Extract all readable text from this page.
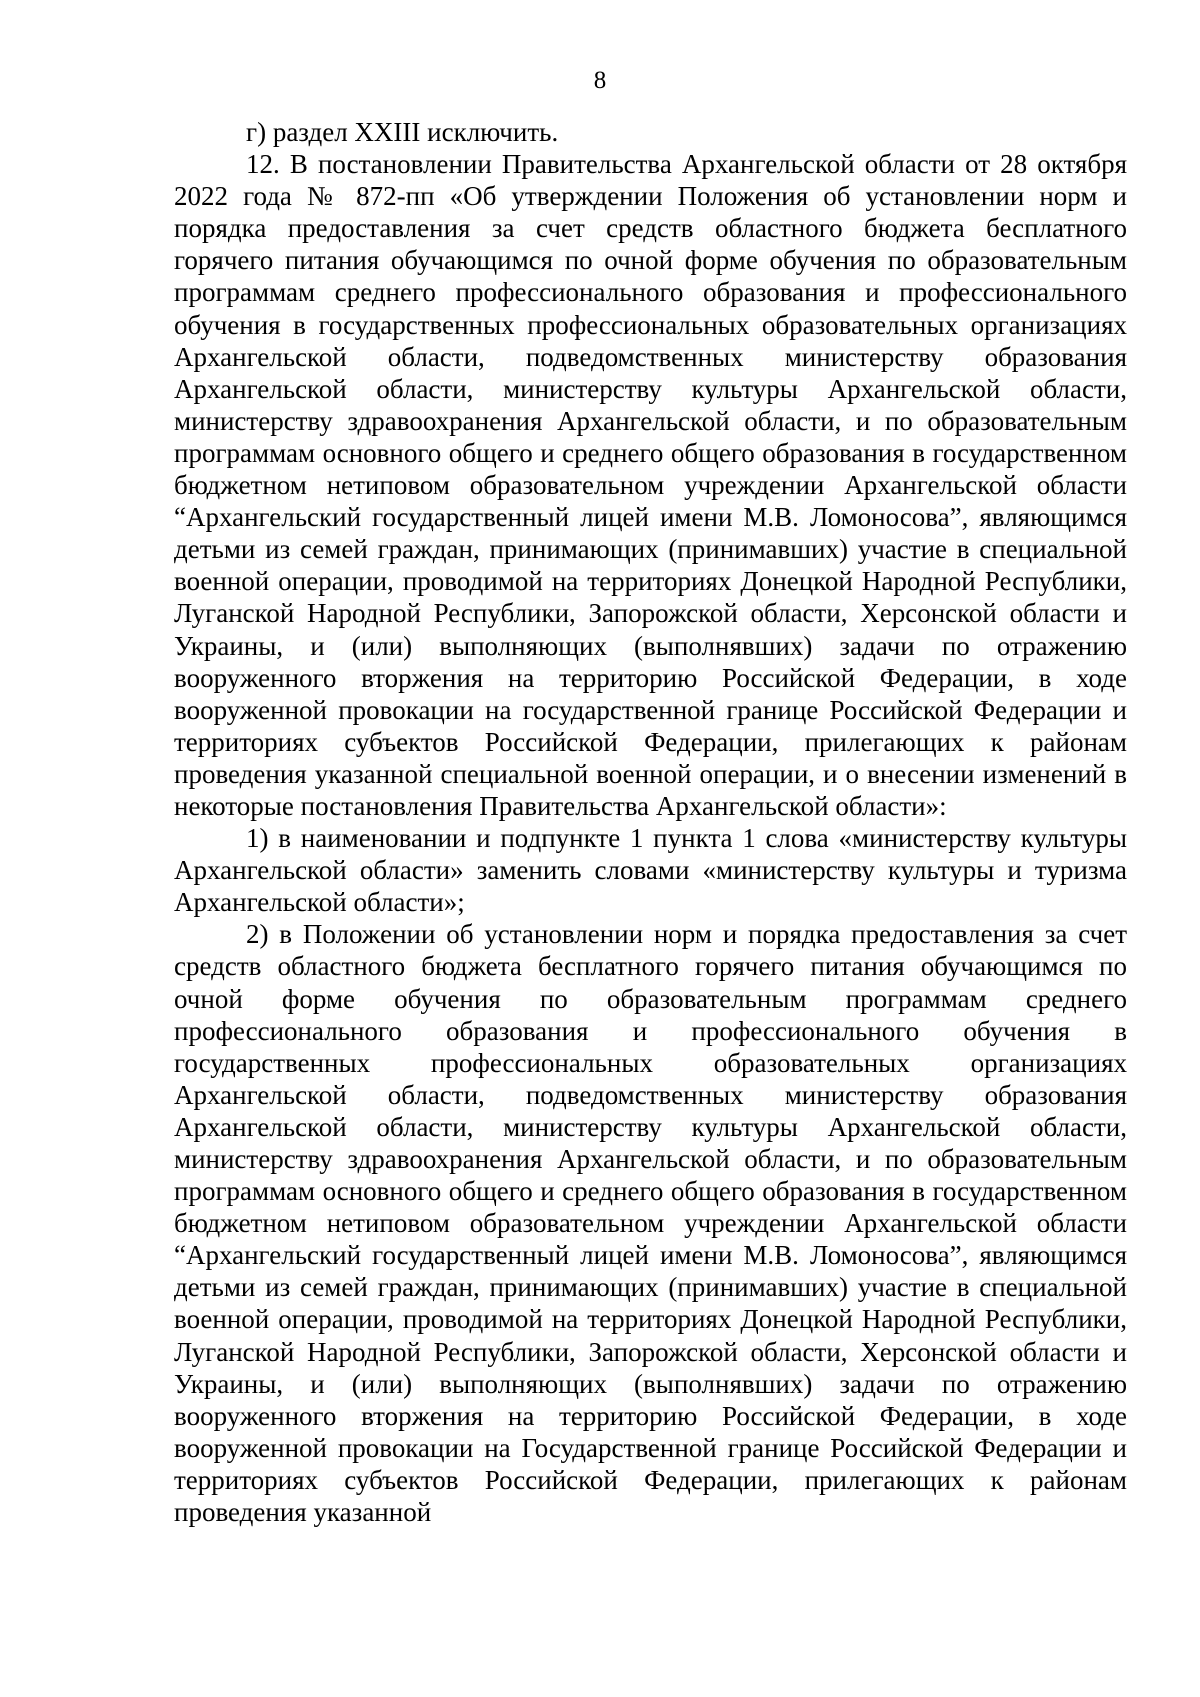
8

г) раздел XXIII исключить.

12. В постановлении Правительства Архангельской области от 28 октября 2022 года № 872-пп «Об утверждении Положения об установлении норм и порядка предоставления за счет средств областного бюджета бесплатного горячего питания обучающимся по очной форме обучения по образовательным программам среднего профессионального образования и профессионального обучения в государственных профессиональных образовательных организациях Архангельской области, подведомственных министерству образования Архангельской области, министерству культуры Архангельской области, министерству здравоохранения Архангельской области, и по образовательным программам основного общего и среднего общего образования в государственном бюджетном нетиповом образовательном учреждении Архангельской области “Архангельский государственный лицей имени М.В. Ломоносова”, являющимся детьми из семей граждан, принимающих (принимавших) участие в специальной военной операции, проводимой на территориях Донецкой Народной Республики, Луганской Народной Республики, Запорожской области, Херсонской области и Украины, и (или) выполняющих (выполнявших) задачи по отражению вооруженного вторжения на территорию Российской Федерации, в ходе вооруженной провокации на государственной границе Российской Федерации и территориях субъектов Российской Федерации, прилегающих к районам проведения указанной специальной военной операции, и о внесении изменений в некоторые постановления Правительства Архангельской области»:

1) в наименовании и подпункте 1 пункта 1 слова «министерству культуры Архангельской области» заменить словами «министерству культуры и туризма Архангельской области»;

2) в Положении об установлении норм и порядка предоставления за счет средств областного бюджета бесплатного горячего питания обучающимся по очной форме обучения по образовательным программам среднего профессионального образования и профессионального обучения в государственных профессиональных образовательных организациях Архангельской области, подведомственных министерству образования Архангельской области, министерству культуры Архангельской области, министерству здравоохранения Архангельской области, и по образовательным программам основного общего и среднего общего образования в государственном бюджетном нетиповом образовательном учреждении Архангельской области “Архангельский государственный лицей имени М.В. Ломоносова”, являющимся детьми из семей граждан, принимающих (принимавших) участие в специальной военной операции, проводимой на территориях Донецкой Народной Республики, Луганской Народной Республики, Запорожской области, Херсонской области и Украины, и (или) выполняющих (выполнявших) задачи по отражению вооруженного вторжения на территорию Российской Федерации, в ходе вооруженной провокации на Государственной границе Российской Федерации и территориях субъектов Российской Федерации, прилегающих к районам проведения указанной
